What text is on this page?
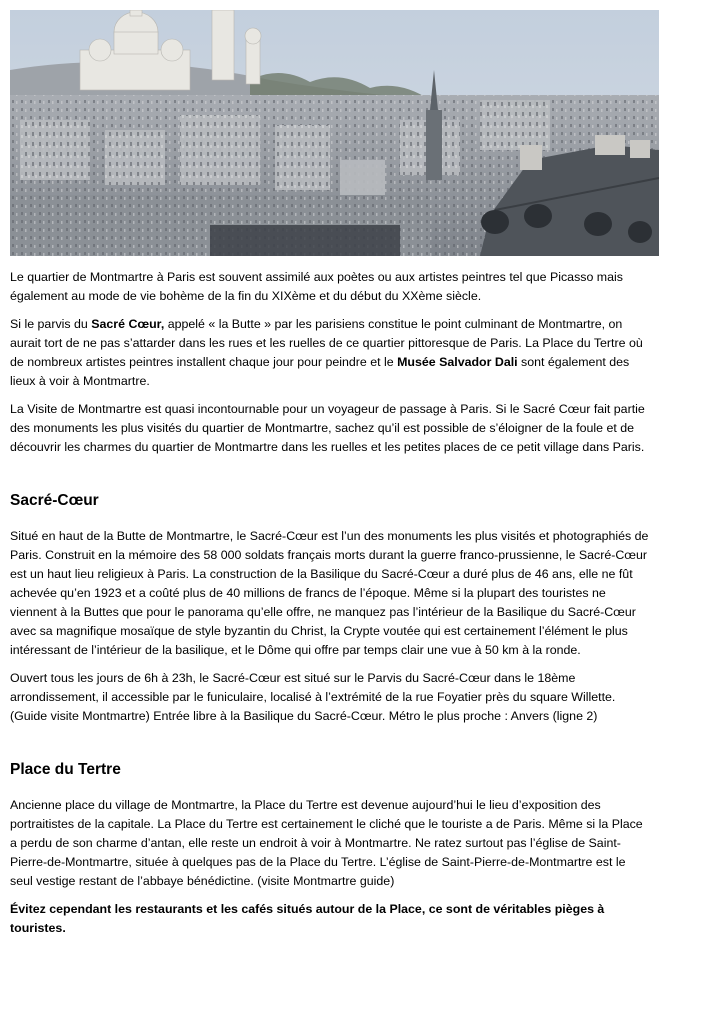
Le quartier de Montmartre à Paris est souvent assimilé aux poètes ou aux artistes peintres tel que Picasso mais également au mode de vie bohème de la fin du XIXème et du début du XXème siècle.

Si le parvis du Sacré Cœur, appelé « la Butte » par les parisiens constitue le point culminant de Montmartre, on aurait tort de ne pas s’attarder dans les rues et les ruelles de ce quartier pittoresque de Paris. La Place du Tertre où de nombreux artistes peintres installent chaque jour pour peindre et le Musée Salvador Dali sont également des lieux à voir à Montmartre.

La Visite de Montmartre est quasi incontournable pour un voyageur de passage à Paris. Si le Sacré Cœur fait partie des monuments les plus visités du quartier de Montmartre, sachez qu’il est possible de s’éloigner de la foule et de découvrir les charmes du quartier de Montmartre dans les ruelles et les petites places de ce petit village dans Paris.

Sacré-Cœur

Situé en haut de la Butte de Montmartre, le Sacré-Cœur est l’un des monuments les plus visités et photographiés de Paris. Construit en la mémoire des 58 000 soldats français morts durant la guerre franco-prussienne, le Sacré-Cœur est un haut lieu religieux à Paris. La construction de la Basilique du Sacré-Cœur a duré plus de 46 ans, elle ne fût achevée qu’en 1923 et a coûté plus de 40 millions de francs de l’époque. Même si la plupart des touristes ne viennent à la Buttes que pour le panorama qu’elle offre, ne manquez pas l’intérieur de la Basilique du Sacré-Cœur avec sa magnifique mosaïque de style byzantin du Christ, la Crypte voutée qui est certainement l’élément le plus intéressant de l’intérieur de la basilique, et le Dôme qui offre par temps clair une vue à 50 km à la ronde.

Ouvert tous les jours de 6h à 23h, le Sacré-Cœur est situé sur le Parvis du Sacré-Cœur dans le 18ème arrondissement, il accessible par le funiculaire, localisé à l’extrémité de la rue Foyatier près du square Willette. (Guide visite Montmartre) Entrée libre à la Basilique du Sacré-Cœur. Métro le plus proche : Anvers (ligne 2)

Place du Tertre

Ancienne place du village de Montmartre, la Place du Tertre est devenue aujourd’hui le lieu d’exposition des portraitistes de la capitale. La Place du Tertre est certainement le cliché que le touriste a de Paris. Même si la Place a perdu de son charme d’antan, elle reste un endroit à voir à Montmartre. Ne ratez surtout pas l’église de Saint-Pierre-de-Montmartre, située à quelques pas de la Place du Tertre. L’église de Saint-Pierre-de-Montmartre est le seul vestige restant de l’abbaye bénédictine. (visite Montmartre guide)

Évitez cependant les restaurants et les cafés situés autour de la Place, ce sont de véritables pièges à touristes.
